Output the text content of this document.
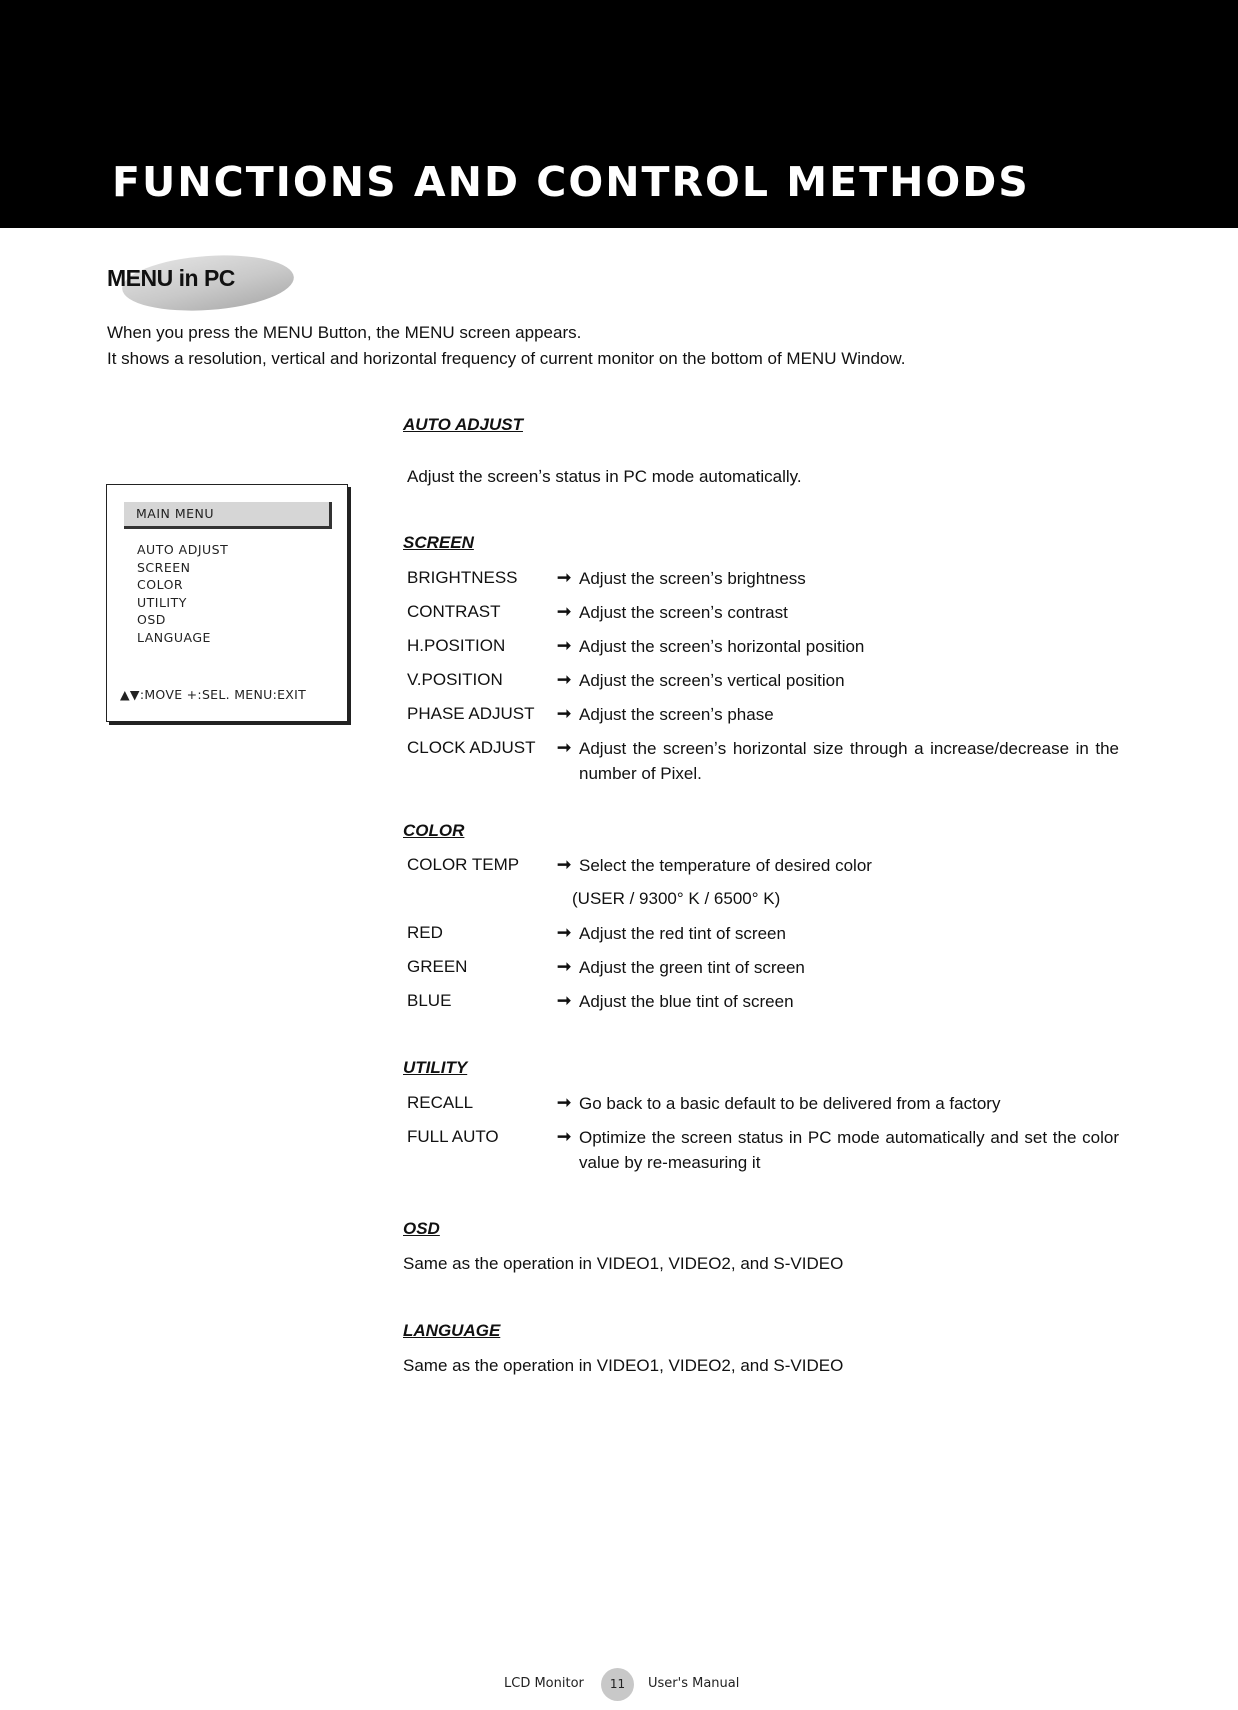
FUNCTIONS AND CONTROL METHODS
MENU in PC
When you press the MENU Button, the MENU screen appears.
It shows a resolution, vertical and horizontal frequency of current monitor on the bottom of MENU Window.
MAIN MENU
AUTO ADJUST
SCREEN
COLOR
UTILITY
OSD
LANGUAGE
▲▼:MOVE +:SEL. MENU:EXIT
AUTO ADJUST
Adjust the screenʼs status in PC mode automatically.
SCREEN
BRIGHTNESS ➞ Adjust the screenʼs brightness
CONTRAST	➞ Adjust the screenʼs contrast
H.POSITION	➞ Adjust the screenʼs horizontal position
V.POSITION	➞ Adjust the screenʼs vertical position
PHASE ADJUST ➞ Adjust the screenʼs phase
CLOCK ADJUST ➞ Adjust the screenʼs horizontal size through a increase/decrease in the number of Pixel.
COLOR
COLOR TEMP ➞ Select the temperature of desired color
(USER / 9300° K / 6500° K)
RED	➞ Adjust the red tint of screen
GREEN	➞ Adjust the green tint of screen
BLUE	➞ Adjust the blue tint of screen
UTILITY
RECALL	➞ Go back to a basic default to be delivered from a factory
FULL AUTO	➞ Optimize the screen status in PC mode automatically and set the color value by re-measuring it
OSD
Same as the operation in VIDEO1, VIDEO2, and S-VIDEO
LANGUAGE
Same as the operation in VIDEO1, VIDEO2, and S-VIDEO
LCD Monitor	11	User's Manual
